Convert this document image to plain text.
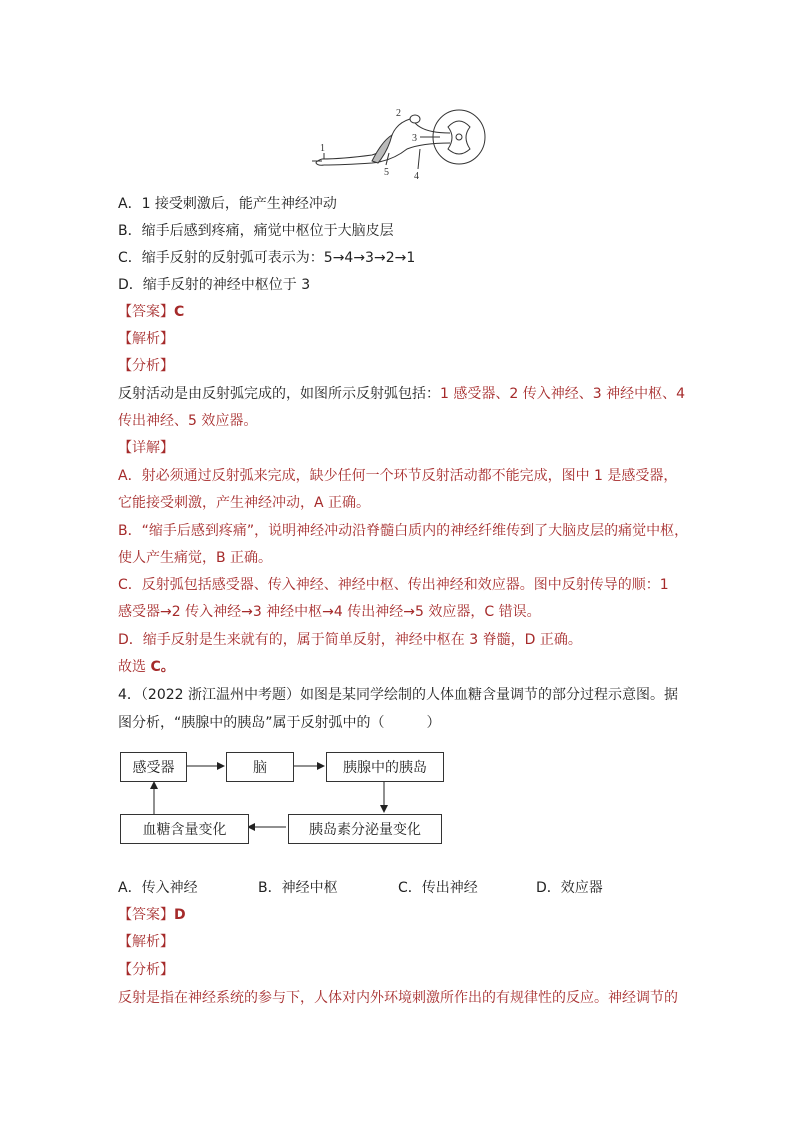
2
3
1
5	4
A．1 接受刺激后，能产生神经冲动
B．缩手后感到疼痛，痛觉中枢位于大脑皮层
C．缩手反射的反射弧可表示为：5→4→3→2→1
D．缩手反射的神经中枢位于 3
【答案】C
【解析】
【分析】
反射活动是由反射弧完成的，如图所示反射弧包括：1 感受器、2 传入神经、3 神经中枢、4
传出神经、5 效应器。
【详解】
A．射必须通过反射弧来完成，缺少任何一个环节反射活动都不能完成，图中 1 是感受器，
它能接受刺激，产生神经冲动，A 正确。
B．“缩手后感到疼痛”，说明神经冲动沿脊髓白质内的神经纤维传到了大脑皮层的痛觉中枢，
使人产生痛觉，B 正确。
C．反射弧包括感受器、传入神经、神经中枢、传出神经和效应器。图中反射传导的顺：1
感受器→2 传入神经→3 神经中枢→4 传出神经→5 效应器，C 错误。
D．缩手反射是生来就有的，属于简单反射，神经中枢在 3 脊髓，D 正确。
故选 C。
4．（2022 浙江温州中考题）如图是某同学绘制的人体血糖含量调节的部分过程示意图。据
图分析，“胰腺中的胰岛”属于反射弧中的（　　　）
感受器	脑	胰腺中的胰岛
胰岛素分泌量变化
血糖含量变化
A．传入神经	B．神经中枢	C．传出神经	D．效应器
【答案】D
【解析】
【分析】
反射是指在神经系统的参与下，人体对内外环境刺激所作出的有规律性的反应。神经调节的
